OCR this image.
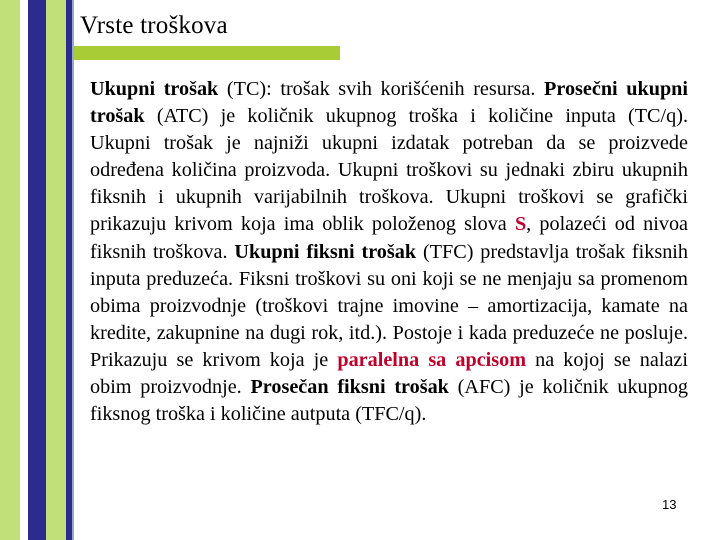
Vrste troškova

Ukupni trošak (TC): trošak svih korišćenih resursa. Prosečni ukupni trošak (ATC) je količnik ukupnog troška i količine inputa (TC/q). Ukupni trošak je najniži ukupni izdatak potreban da se proizvede određena količina proizvoda. Ukupni troškovi su jednaki zbiru ukupnih fiksnih i ukupnih varijabilnih troškova. Ukupni troškovi se grafički prikazuju krivom koja ima oblik položenog slova S, polazeći od nivoa fiksnih troškova. Ukupni fiksni trošak (TFC) predstavlja trošak fiksnih inputa preduzeća. Fiksni troškovi su oni koji se ne menjaju sa promenom obima proizvodnje (troškovi trajne imovine – amortizacija, kamate na kredite, zakupnine na dugi rok, itd.). Postoje i kada preduzeće ne posluje. Prikazuju se krivom koja je paralelna sa apcisom na kojoj se nalazi obim proizvodnje. Prosečan fiksni trošak (AFC) je količnik ukupnog fiksnog troška i količine autputa (TFC/q).

13
